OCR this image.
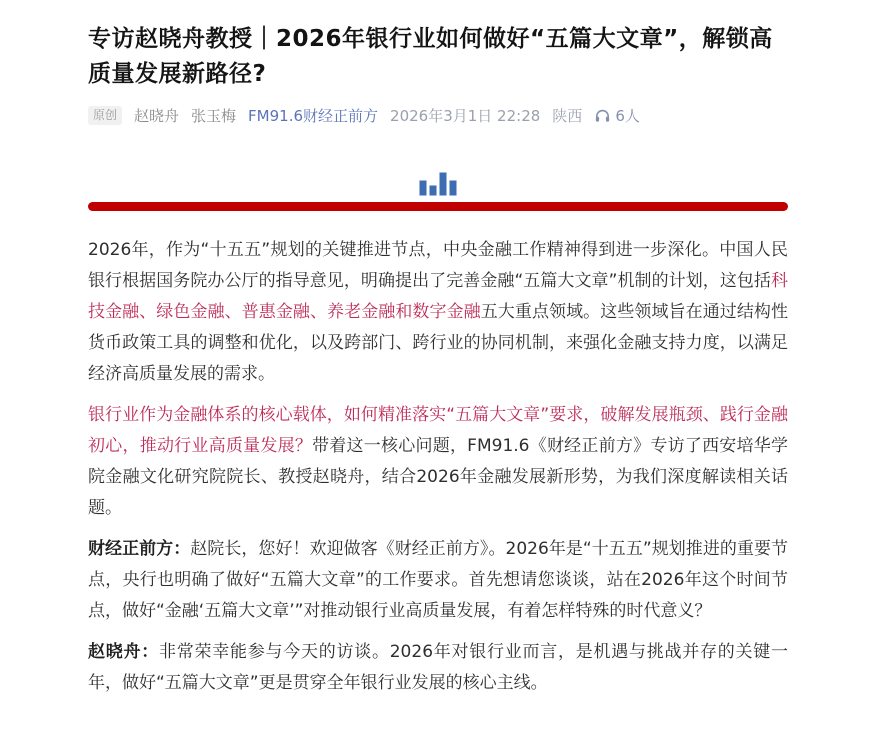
专访赵晓舟教授｜2026年银行业如何做好“五篇大文章”，解锁高质量发展新路径?
原创	赵晓舟 张玉梅 FM91.6财经正前方 2026年3月1日 22:28 陕西 6人

2026年，作为“十五五”规划的关键推进节点，中央金融工作精神得到进一步深化。中国人民银行根据国务院办公厅的指导意见，明确提出了完善金融“五篇大文章”机制的计划，这包括科技金融、绿色金融、普惠金融、养老金融和数字金融五大重点领域。这些领域旨在通过结构性货币政策工具的调整和优化，以及跨部门、跨行业的协同机制，来强化金融支持力度，以满足经济高质量发展的需求。

银行业作为金融体系的核心载体，如何精准落实“五篇大文章”要求，破解发展瓶颈、践行金融初心，推动行业高质量发展？带着这一核心问题，FM91.6《财经正前方》专访了西安培华学院金融文化研究院院长、教授赵晓舟，结合2026年金融发展新形势，为我们深度解读相关话题。

财经正前方：赵院长，您好！欢迎做客《财经正前方》。2026年是“十五五”规划推进的重要节点，央行也明确了做好“五篇大文章”的工作要求。首先想请您谈谈，站在2026年这个时间节点，做好“金融‘五篇大文章’”对推动银行业高质量发展，有着怎样特殊的时代意义？

赵晓舟：非常荣幸能参与今天的访谈。2026年对银行业而言，是机遇与挑战并存的关键一年，做好“五篇大文章”更是贯穿全年银行业发展的核心主线。
